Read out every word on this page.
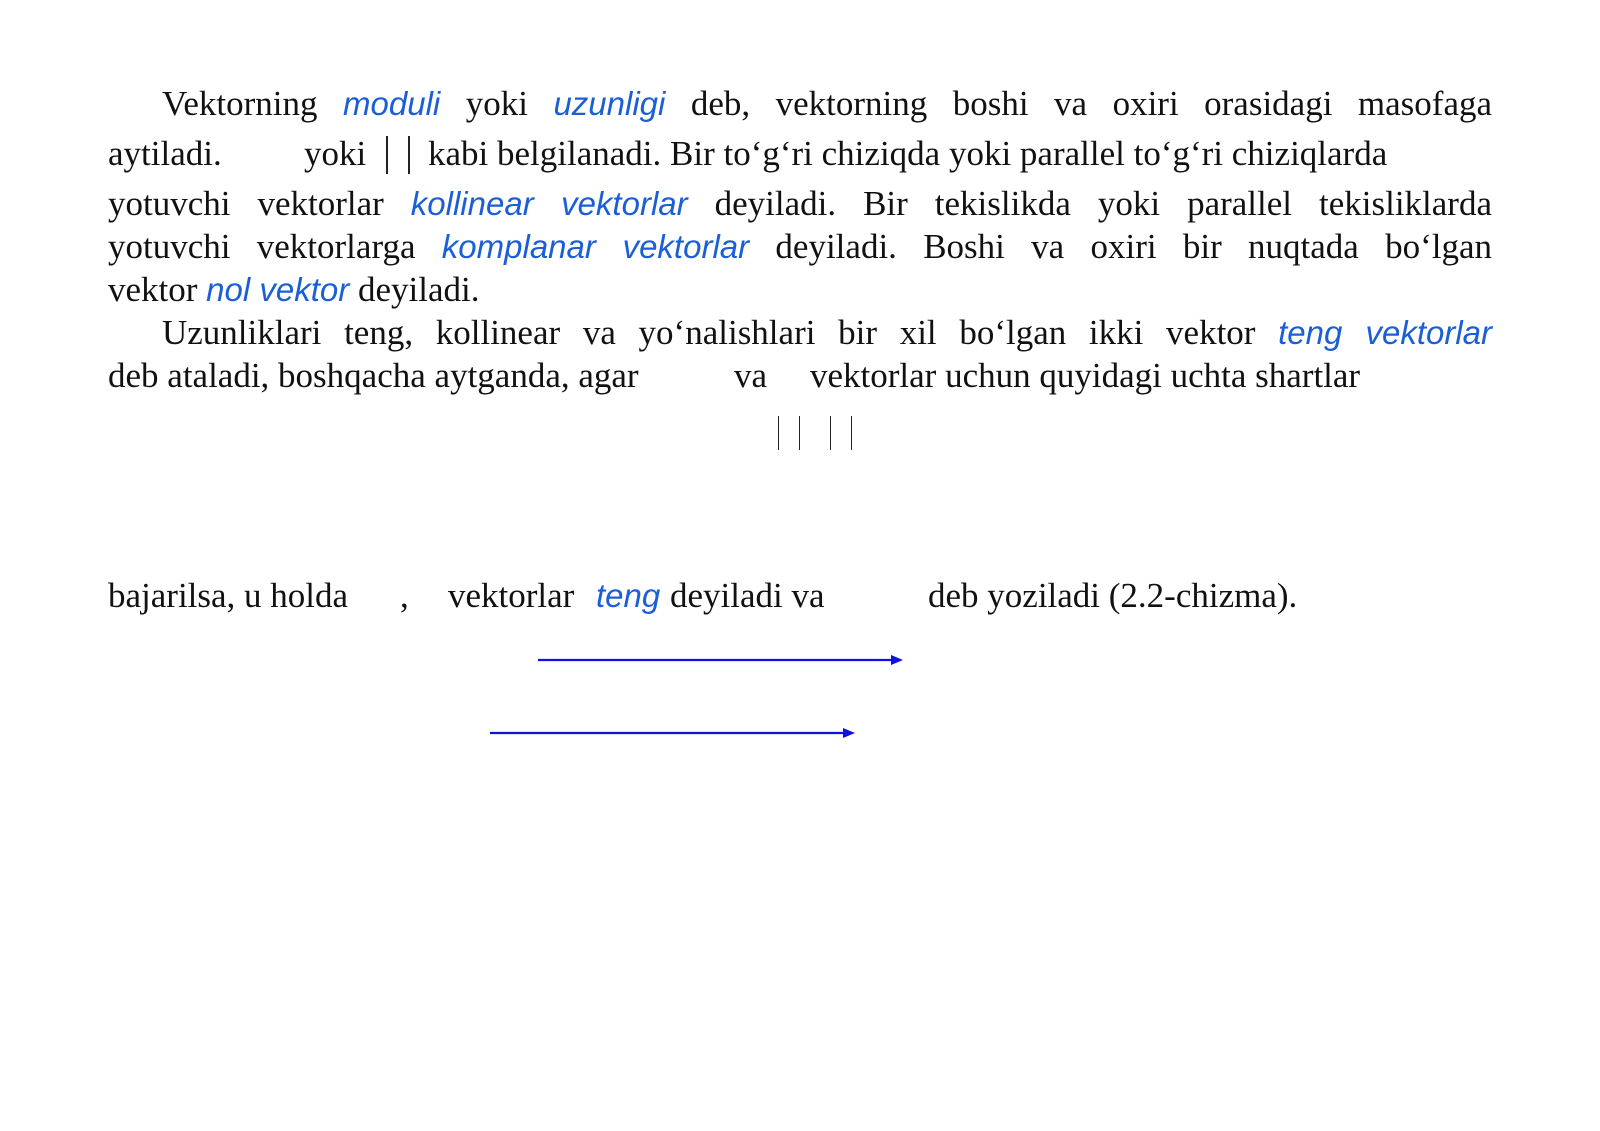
Vektorning moduli yoki uzunligi deb, vektorning boshi va oxiri orasidagi masofaga
aytiladi. yoki kabi belgilanadi. Bir to‘g‘ri chiziqda yoki parallel to‘g‘ri chiziqlarda
yotuvchi vektorlar kollinear vektorlar deyiladi. Bir tekislikda yoki parallel tekisliklarda
yotuvchi vektorlarga komplanar vektorlar deyiladi. Boshi va oxiri bir nuqtada bo‘lgan
vektor nol vektor deyiladi.
Uzunliklari teng, kollinear va yo‘nalishlari bir xil bo‘lgan ikki vektor teng vektorlar
deb ataladi, boshqacha aytganda, agar	va vektorlar uchun quyidagi uchta shartlar
bajarilsa, u holda , vektorlar teng deyiladi va	deb yoziladi (2.2-chizma).
